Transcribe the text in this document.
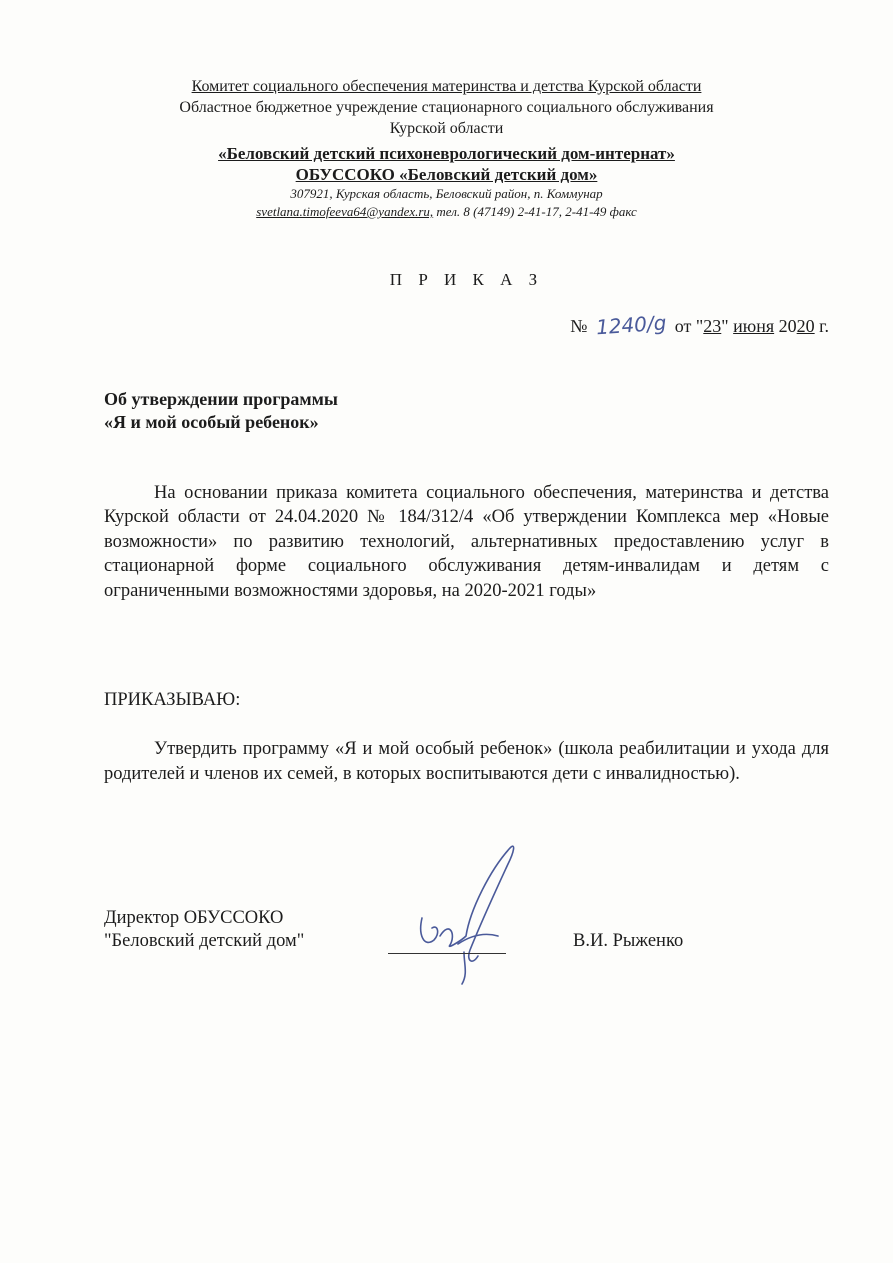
Комитет социального обеспечения материнства и детства Курской области
Областное бюджетное учреждение стационарного социального обслуживания
Курской области
«Беловский детский психоневрологический дом-интернат»
ОБУССОКО «Беловский детский дом»
307921, Курская область, Беловский район, п. Коммунар
svetlana.timofeeva64@yandex.ru, тел. 8 (47149) 2-41-17, 2-41-49 факс
П Р И К А З
№ 1240/g от "23" июня 2020 г.
Об утверждении программы
«Я и мой особый ребенок»
На основании приказа комитета социального обеспечения, материнства и детства Курской области от 24.04.2020 № 184/312/4 «Об утверждении Комплекса мер «Новые возможности» по развитию технологий, альтернативных предоставлению услуг в стационарной форме социального обслуживания детям-инвалидам и детям с ограниченными возможностями здоровья, на 2020-2021 годы»
ПРИКАЗЫВАЮ:
Утвердить программу «Я и мой особый ребенок» (школа реабилитации и ухода для родителей и членов их семей, в которых воспитываются дети с инвалидностью).
Директор ОБУССОКО
"Беловский детский дом"	В.И. Рыженко
